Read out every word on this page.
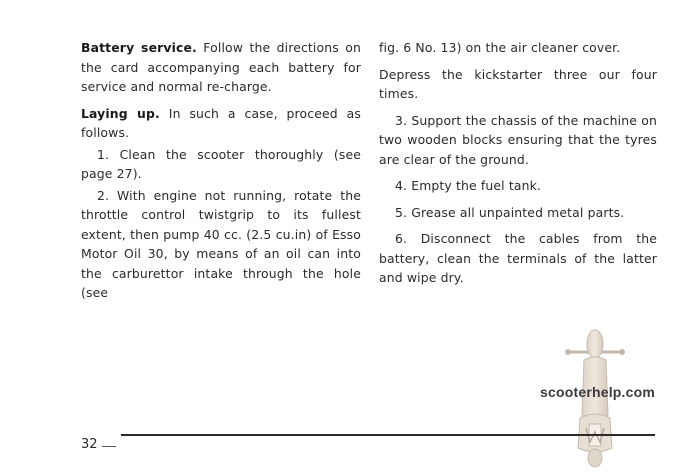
Battery service. Follow the directions on the card accompanying each battery for service and normal re-charge.

Laying up. In such a case, proceed as follows.

1. Clean the scooter thoroughly (see page 27).

2. With engine not running, rotate the throttle control twistgrip to its fullest extent, then pump 40 cc. (2.5 cu.in) of Esso Motor Oil 30, by means of an oil can into the carburettor intake through the hole (see

fig. 6 No. 13) on the air cleaner cover.

Depress the kickstarter three our four times.

3. Support the chassis of the machine on two wooden blocks ensuring that the tyres are clear of the ground.

4. Empty the fuel tank.

5. Grease all unpainted metal parts.

6. Disconnect the cables from the battery, clean the terminals of the latter and wipe dry.

scooterhelp.com
32
